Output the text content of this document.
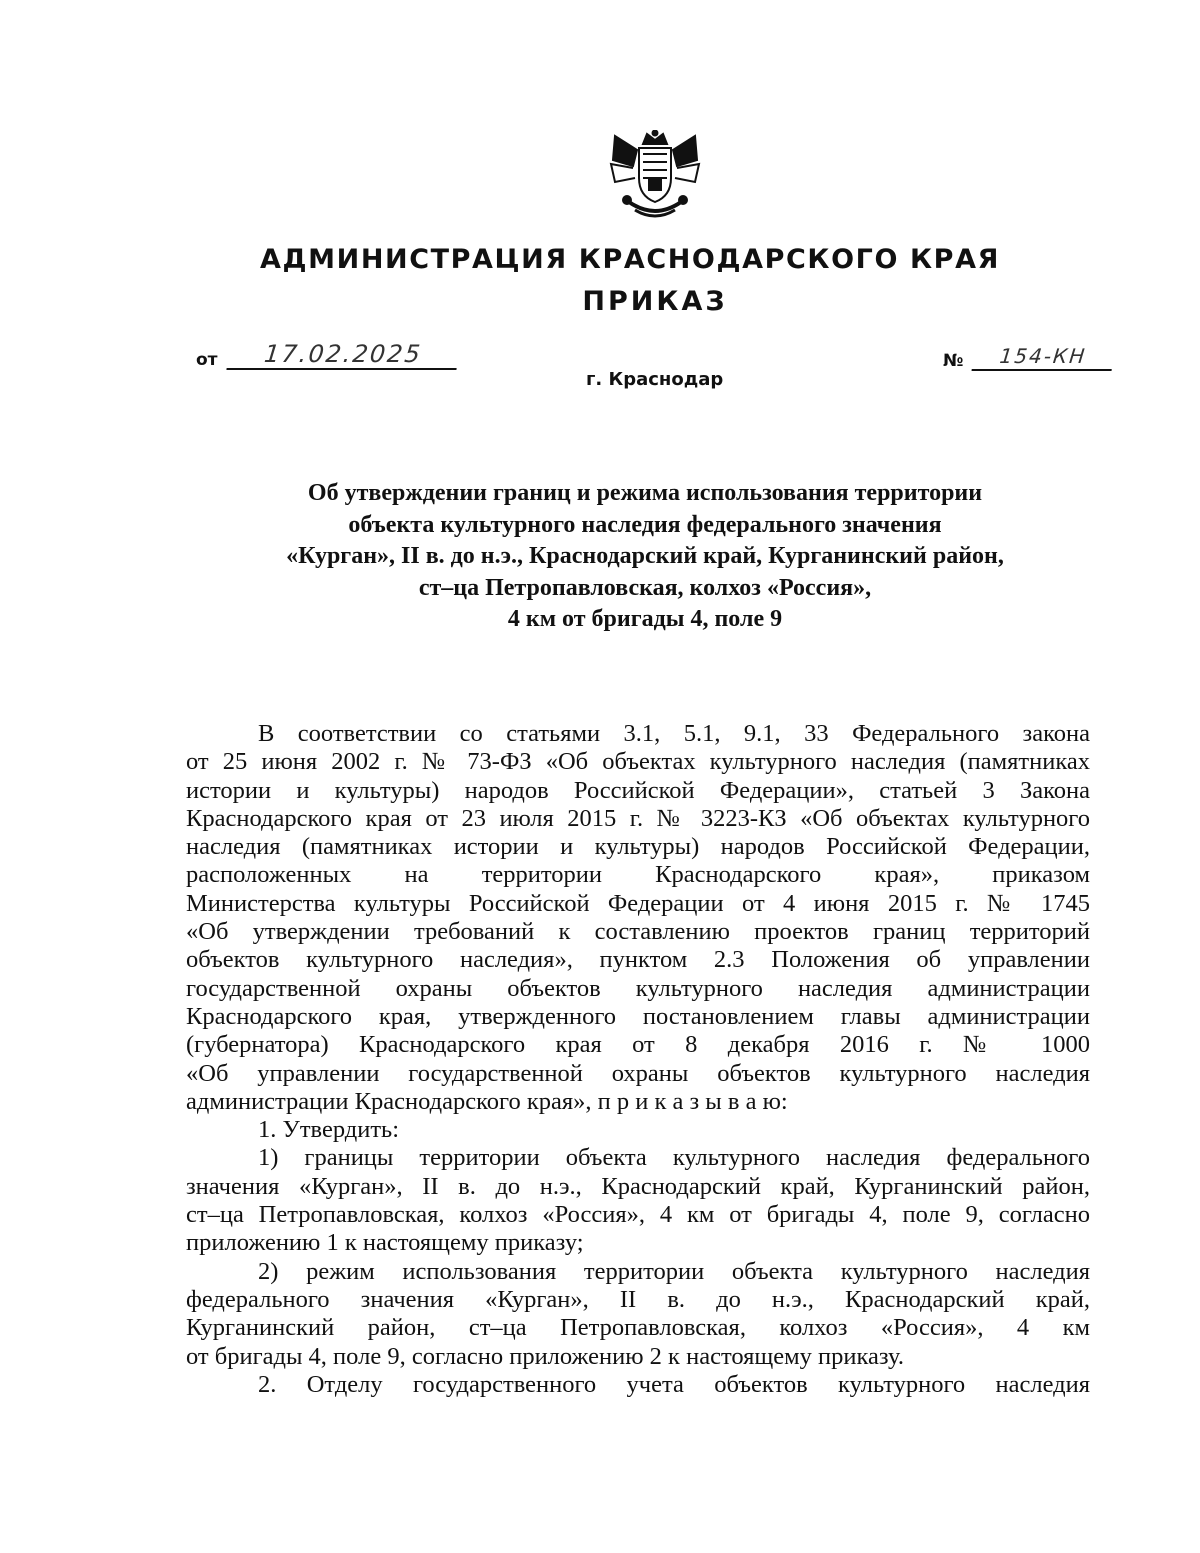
АДМИНИСТРАЦИЯ КРАСНОДАРСКОГО КРАЯ
ПРИКАЗ
от	17.02.2025
г. Краснодар
№	154-КН
Об утверждении границ и режима использования территории
объекта культурного наследия федерального значения
«Курган», II в. до н.э., Краснодарский край, Курганинский район,
ст–ца Петропавловская, колхоз «Россия»,
4 км от бригады 4, поле 9
В соответствии со статьями 3.1, 5.1, 9.1, 33 Федерального закона
от 25 июня 2002 г. № 73-ФЗ «Об объектах культурного наследия (памятниках
истории и культуры) народов Российской Федерации», статьей 3 Закона
Краснодарского края от 23 июля 2015 г. № 3223-КЗ «Об объектах культурного
наследия (памятниках истории и культуры) народов Российской Федерации,
расположенных на территории Краснодарского края», приказом
Министерства культуры Российской Федерации от 4 июня 2015 г. № 1745
«Об утверждении требований к составлению проектов границ территорий
объектов культурного наследия», пунктом 2.3 Положения об управлении
государственной охраны объектов культурного наследия администрации
Краснодарского края, утвержденного постановлением главы администрации
(губернатора) Краснодарского края от 8 декабря 2016 г. № 1000
«Об управлении государственной охраны объектов культурного наследия
администрации Краснодарского края», п р и к а з ы в а ю:
1. Утвердить:
1) границы территории объекта культурного наследия федерального
значения «Курган», II в. до н.э., Краснодарский край, Курганинский район,
ст–ца Петропавловская, колхоз «Россия», 4 км от бригады 4, поле 9, согласно
приложению 1 к настоящему приказу;
2) режим использования территории объекта культурного наследия
федерального значения «Курган», II в. до н.э., Краснодарский край,
Курганинский район, ст–ца Петропавловская, колхоз «Россия», 4 км
от бригады 4, поле 9, согласно приложению 2 к настоящему приказу.
2. Отделу государственного учета объектов культурного наследия
